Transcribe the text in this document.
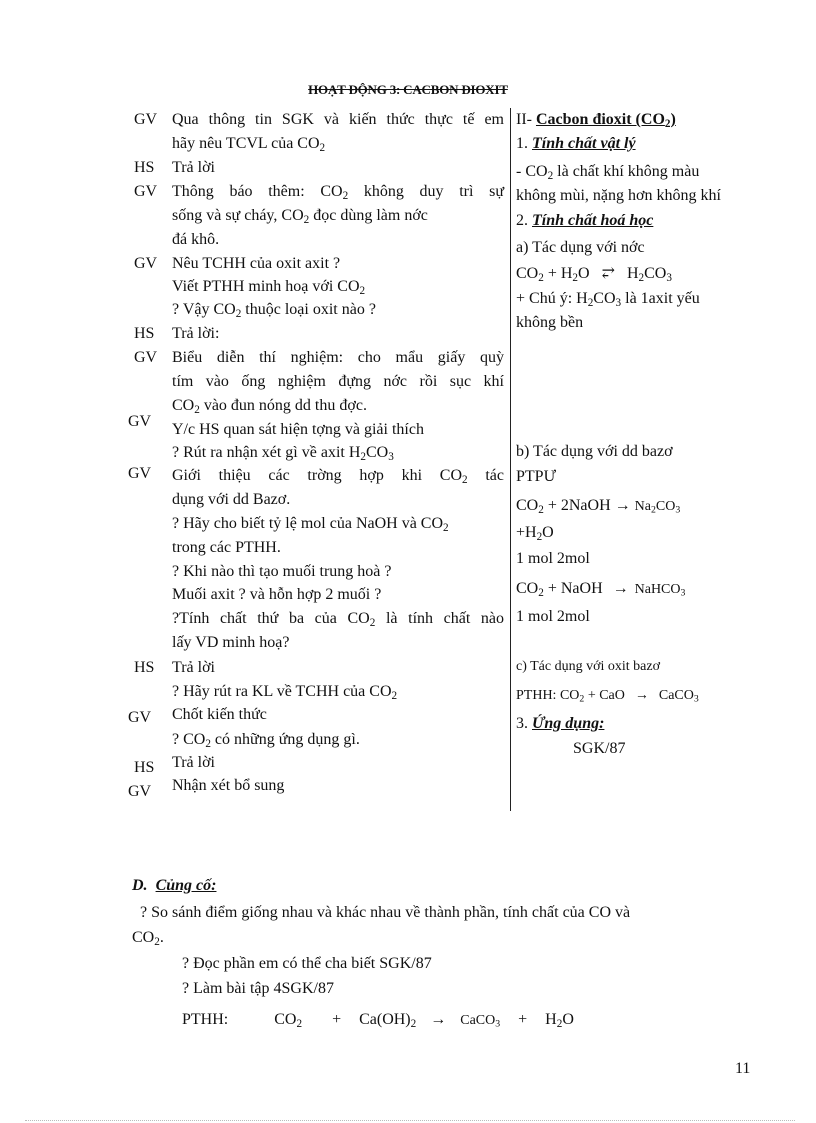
HOẠT ĐỘNG 3: CACBON ĐIOXIT
GV
HS
GV
GV
HS
GV
GV
GV
HS
GV
HS
GV
Qua thông tin SGK và kiến thức thực tế em
hãy nêu TCVL của $CO_2$
Trả lời
Thông báo thêm: $CO_2$ không duy trì sự
sống và sự cháy, $CO_2$ đọc dùng làm nớc
đá khô.
Nêu TCHH của oxit axit ?
Viết PTHH minh hoạ với $CO_2$
? Vậy $CO_2$ thuộc loại oxit nào ?
Trả lời:
Biểu diễn thí nghiệm: cho mẩu giấy quỳ
tím vào ống nghiệm đựng nớc rồi sục khí
$CO_2$ vào đun nóng dd thu đợc.
Y/c HS quan sát hiện tợng và giải thích
? Rút ra nhận xét gì về axit $H_2CO_3$
Giới thiệu các trờng hợp khi $CO_2$ tác
dụng với dd Bazơ.
? Hãy cho biết tỷ lệ mol của NaOH và $CO_2$
trong các PTHH.
? Khi nào thì tạo muối trung hoà ?
Muối axit ? và hỗn hợp 2 muối ?
?Tính chất thứ ba của $CO_2$ là tính chất nào
lấy VD minh hoạ?
Trả lời
? Hãy rút ra KL về TCHH của $CO_2$
Chốt kiến thức
? $CO_2$ có những ứng dụng gì.
Trả lời
Nhận xét bổ sung
II- Cacbon đioxit $(CO_2)$
1. Tính chất vật lý
- $CO_2$ là chất khí không màu
không mùi, nặng hơn không khí
2. Tính chất hoá học
a) Tác dụng với nớc
$CO_2 + H_2O$ ⥂ $H_2CO_3$
+ Chú ý: $H_2CO_3$ là 1axit yếu
không bền
b) Tác dụng với dd bazơ
PTPƯ
$CO_2$ + 2NaOH → $Na_2CO_3$
$+H_2O$
1 mol 2mol
$CO_2$ + NaOH → NaHCO$_3$
1 mol 2mol
c) Tác dụng với oxit bazơ
PTHH: $CO_2$ + CaO → CaCO$_3$
3. Ứng dụng:
SGK/87
D. Củng cố:
? So sánh điểm giống nhau và khác nhau về thành phần, tính chất của CO và
$CO_2$.
? Đọc phần em có thể cha biết SGK/87
? Làm bài tập 4SGK/87
PTHH:	$CO_2 + Ca(OH)_2$ → CaCO$_3$ + $H_2O$
11
